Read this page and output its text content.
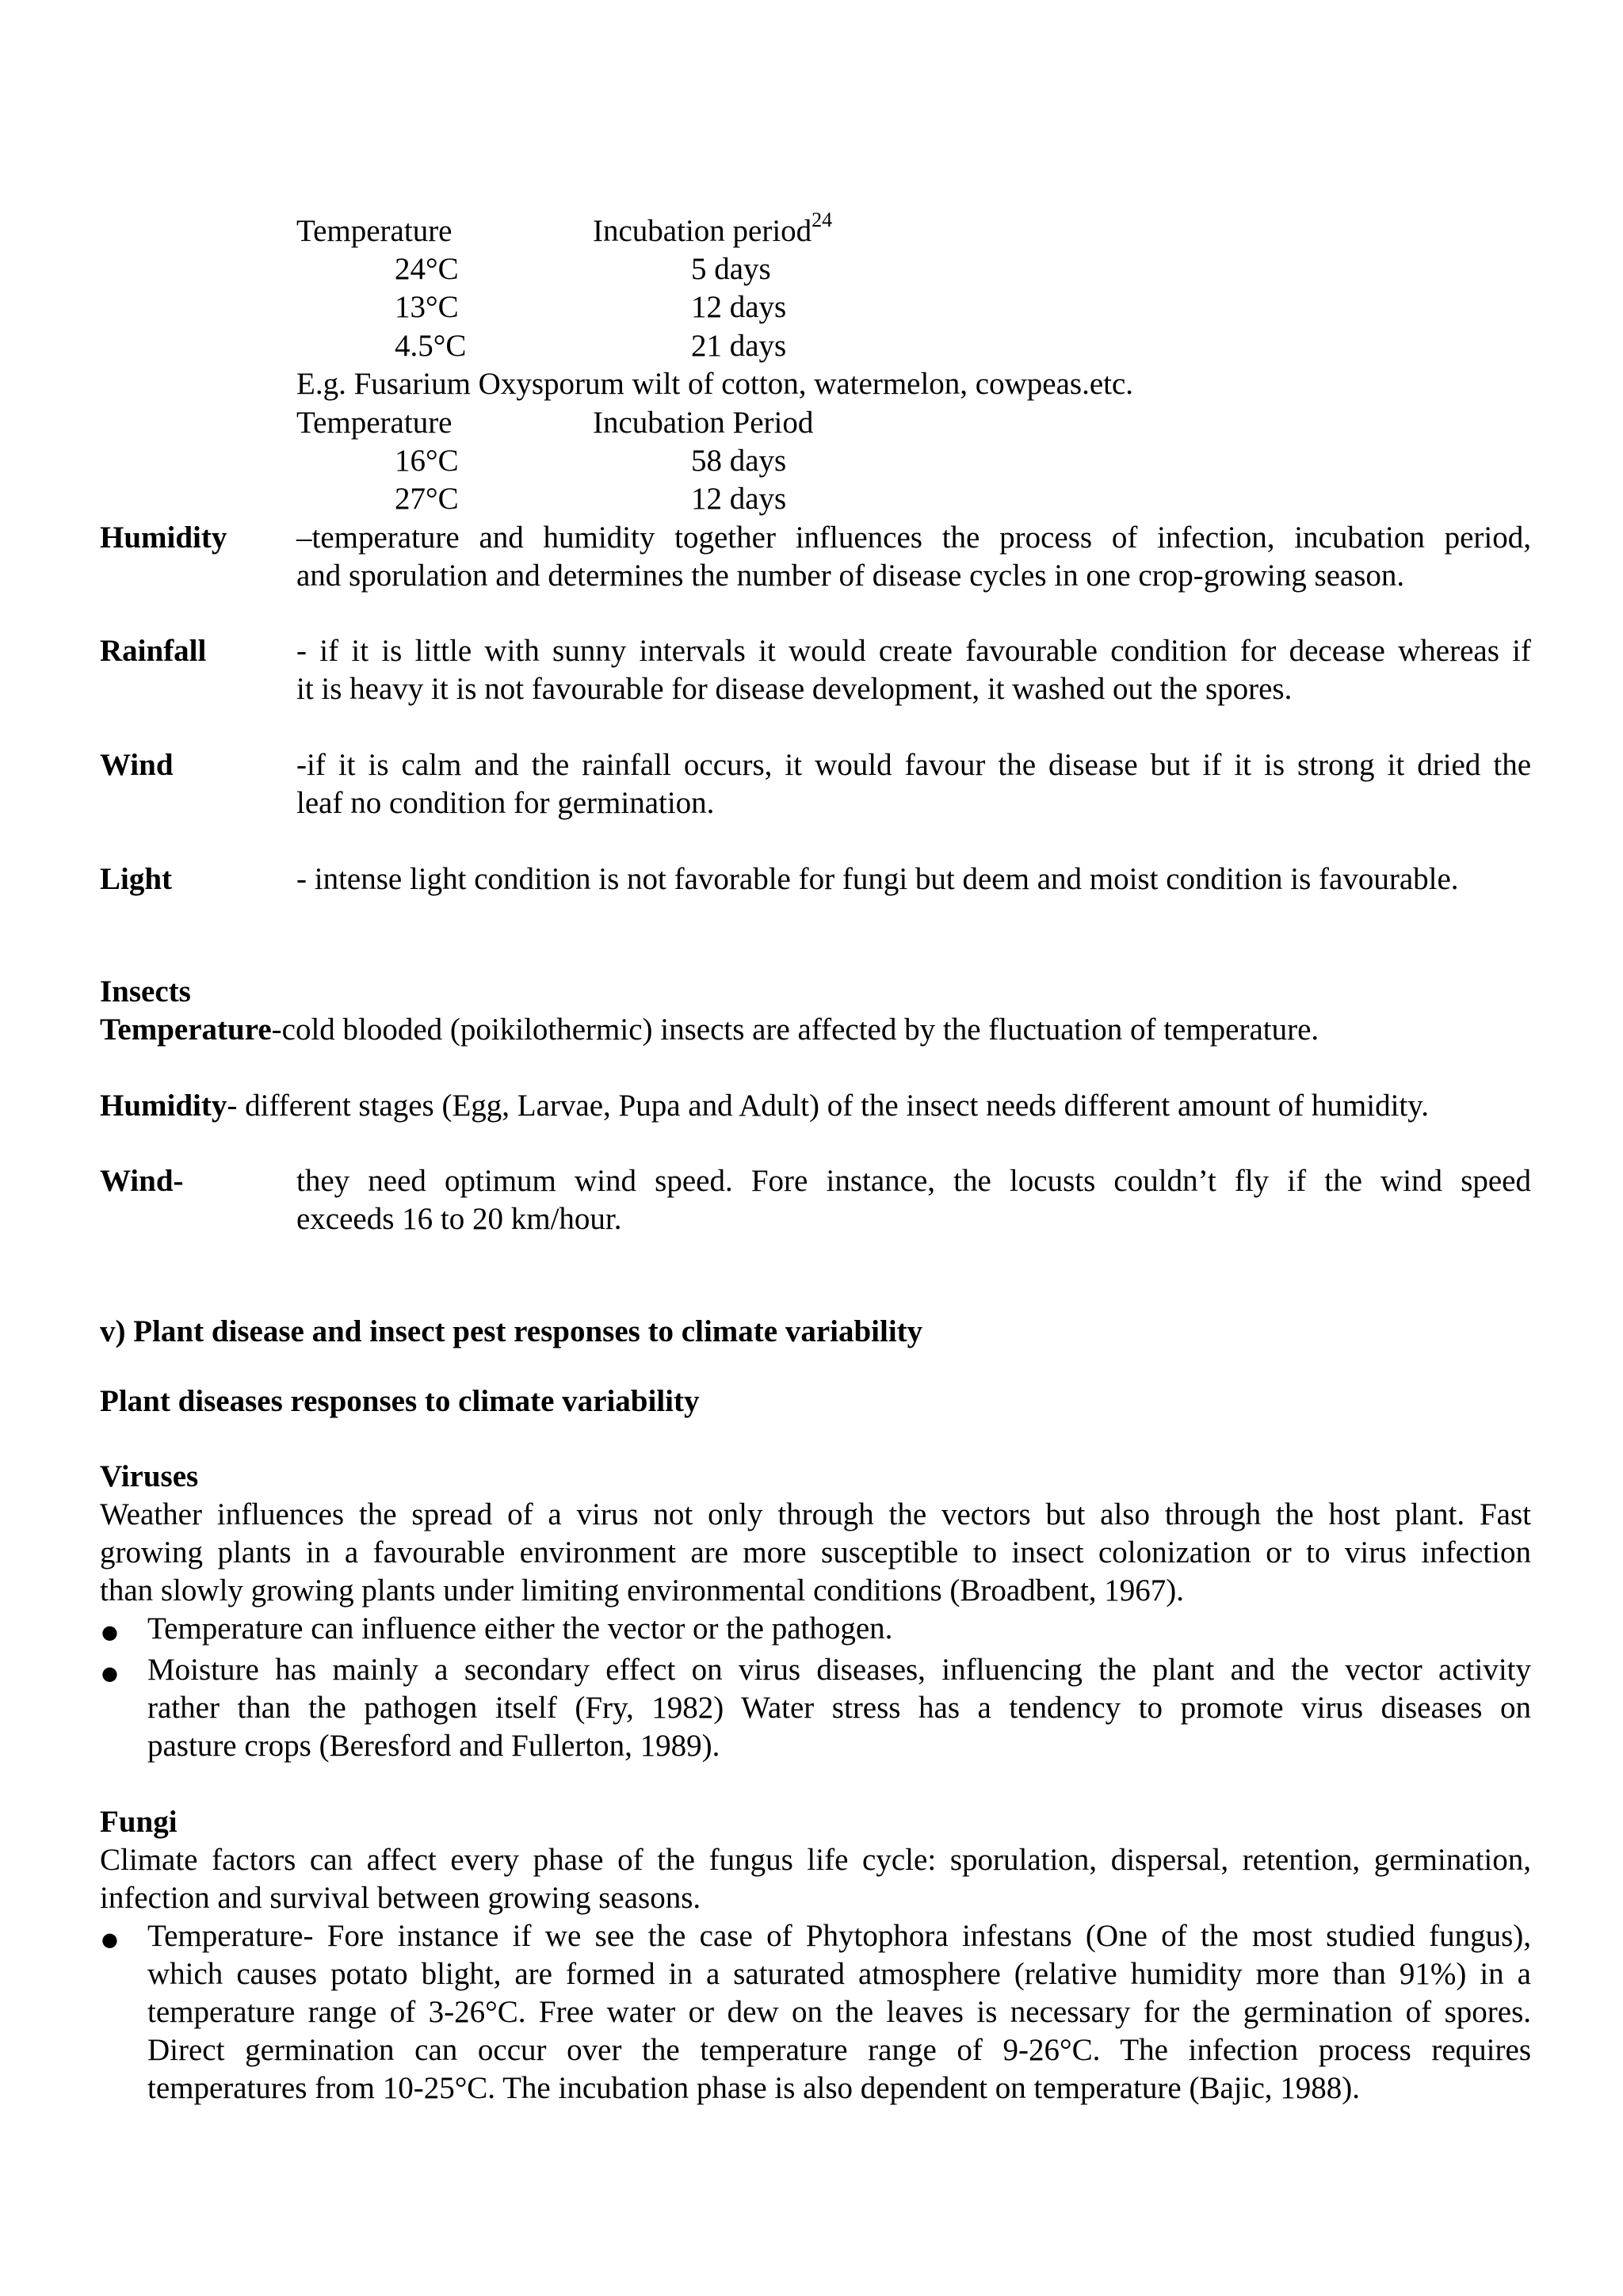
Temperature	Incubation period$^{24}$
24°C	5 days
13°C	12 days
4.5°C	21 days
E.g. Fusarium Oxysporum wilt of cotton, watermelon, cowpeas.etc.
Temperature	Incubation Period
16°C	58 days
27°C	12 days
Humidity –temperature and humidity together influences the process of infection, incubation period,
and sporulation and determines the number of disease cycles in one crop-growing season.
Rainfall	- if it is little with sunny intervals it would create favourable condition for decease whereas if
it is heavy it is not favourable for disease development, it washed out the spores.
Wind	-if it is calm and the rainfall occurs, it would favour the disease but if it is strong it dried the
leaf no condition for germination.
Light	- intense light condition is not favorable for fungi but deem and moist condition is favourable.
Insects
Temperature-cold blooded (poikilothermic) insects are affected by the fluctuation of temperature.
Humidity- different stages (Egg, Larvae, Pupa and Adult) of the insect needs different amount of humidity.
Wind-	they need optimum wind speed. Fore instance, the locusts couldn’t fly if the wind speed
exceeds 16 to 20 km/hour.
v) Plant disease and insect pest responses to climate variability
Plant diseases responses to climate variability
Viruses
Weather influences the spread of a virus not only through the vectors but also through the host plant. Fast
growing plants in a favourable environment are more susceptible to insect colonization or to virus infection
than slowly growing plants under limiting environmental conditions (Broadbent, 1967).
● Temperature can influence either the vector or the pathogen.
● Moisture has mainly a secondary effect on virus diseases, influencing the plant and the vector activity
rather than the pathogen itself (Fry, 1982) Water stress has a tendency to promote virus diseases on
pasture crops (Beresford and Fullerton, 1989).
Fungi
Climate factors can affect every phase of the fungus life cycle: sporulation, dispersal, retention, germination,
infection and survival between growing seasons.
● Temperature- Fore instance if we see the case of Phytophora infestans (One of the most studied fungus),
which causes potato blight, are formed in a saturated atmosphere (relative humidity more than 91%) in a
temperature range of 3-26°C. Free water or dew on the leaves is necessary for the germination of spores.
Direct germination can occur over the temperature range of 9-26°C. The infection process requires
temperatures from 10-25°C. The incubation phase is also dependent on temperature (Bajic, 1988).
